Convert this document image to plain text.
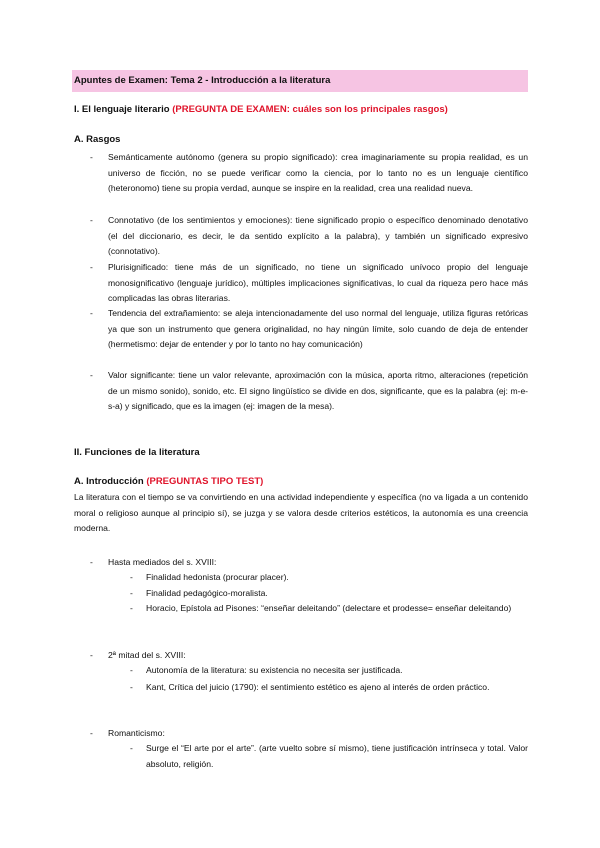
Apuntes de Examen: Tema 2 - Introducción a la literatura
I. El lenguaje literario (PREGUNTA DE EXAMEN: cuáles son los principales rasgos)
A. Rasgos
- Semánticamente autónomo (genera su propio significado): crea imaginariamente su propia realidad, es un universo de ficción, no se puede verificar como la ciencia, por lo tanto no es un lenguaje científico (heteronomo) tiene su propia verdad, aunque se inspire en la realidad, crea una realidad nueva.
- Connotativo (de los sentimientos y emociones): tiene significado propio o específico denominado denotativo (el del diccionario, es decir, le da sentido explícito a la palabra), y también un significado expresivo (connotativo).
- Plurisignificado: tiene más de un significado, no tiene un significado unívoco propio del lenguaje monosignificativo (lenguaje jurídico), múltiples implicaciones significativas, lo cual da riqueza pero hace más complicadas las obras literarias.
- Tendencia del extrañamiento: se aleja intencionadamente del uso normal del lenguaje, utiliza figuras retóricas ya que son un instrumento que genera originalidad, no hay ningún límite, solo cuando de deja de entender (hermetismo: dejar de entender y por lo tanto no hay comunicación)
- Valor significante: tiene un valor relevante, aproximación con la música, aporta ritmo, alteraciones (repetición de un mismo sonido), sonido, etc. El signo lingüístico se divide en dos, significante, que es la palabra (ej: m-e-s-a) y significado, que es la imagen (ej: imagen de la mesa).
II. Funciones de la literatura
A. Introducción (PREGUNTAS TIPO TEST)
La literatura con el tiempo se va convirtiendo en una actividad independiente y específica (no va ligada a un contenido moral o religioso aunque al principio sí), se juzga y se valora desde criterios estéticos, la autonomía es una creencia moderna.
- Hasta mediados del s. XVIII:
- Finalidad hedonista (procurar placer).
- Finalidad pedagógico-moralista.
- Horacio, Epístola ad Pisones: “enseñar deleitando” (delectare et prodesse= enseñar deleitando)
- 2ª mitad del s. XVIII:
- Autonomía de la literatura: su existencia no necesita ser justificada.
- Kant, Crítica del juicio (1790): el sentimiento estético es ajeno al interés de orden práctico.
- Romanticismo:
- Surge el “El arte por el arte”. (arte vuelto sobre sí mismo), tiene justificación intrínseca y total. Valor absoluto, religión.
